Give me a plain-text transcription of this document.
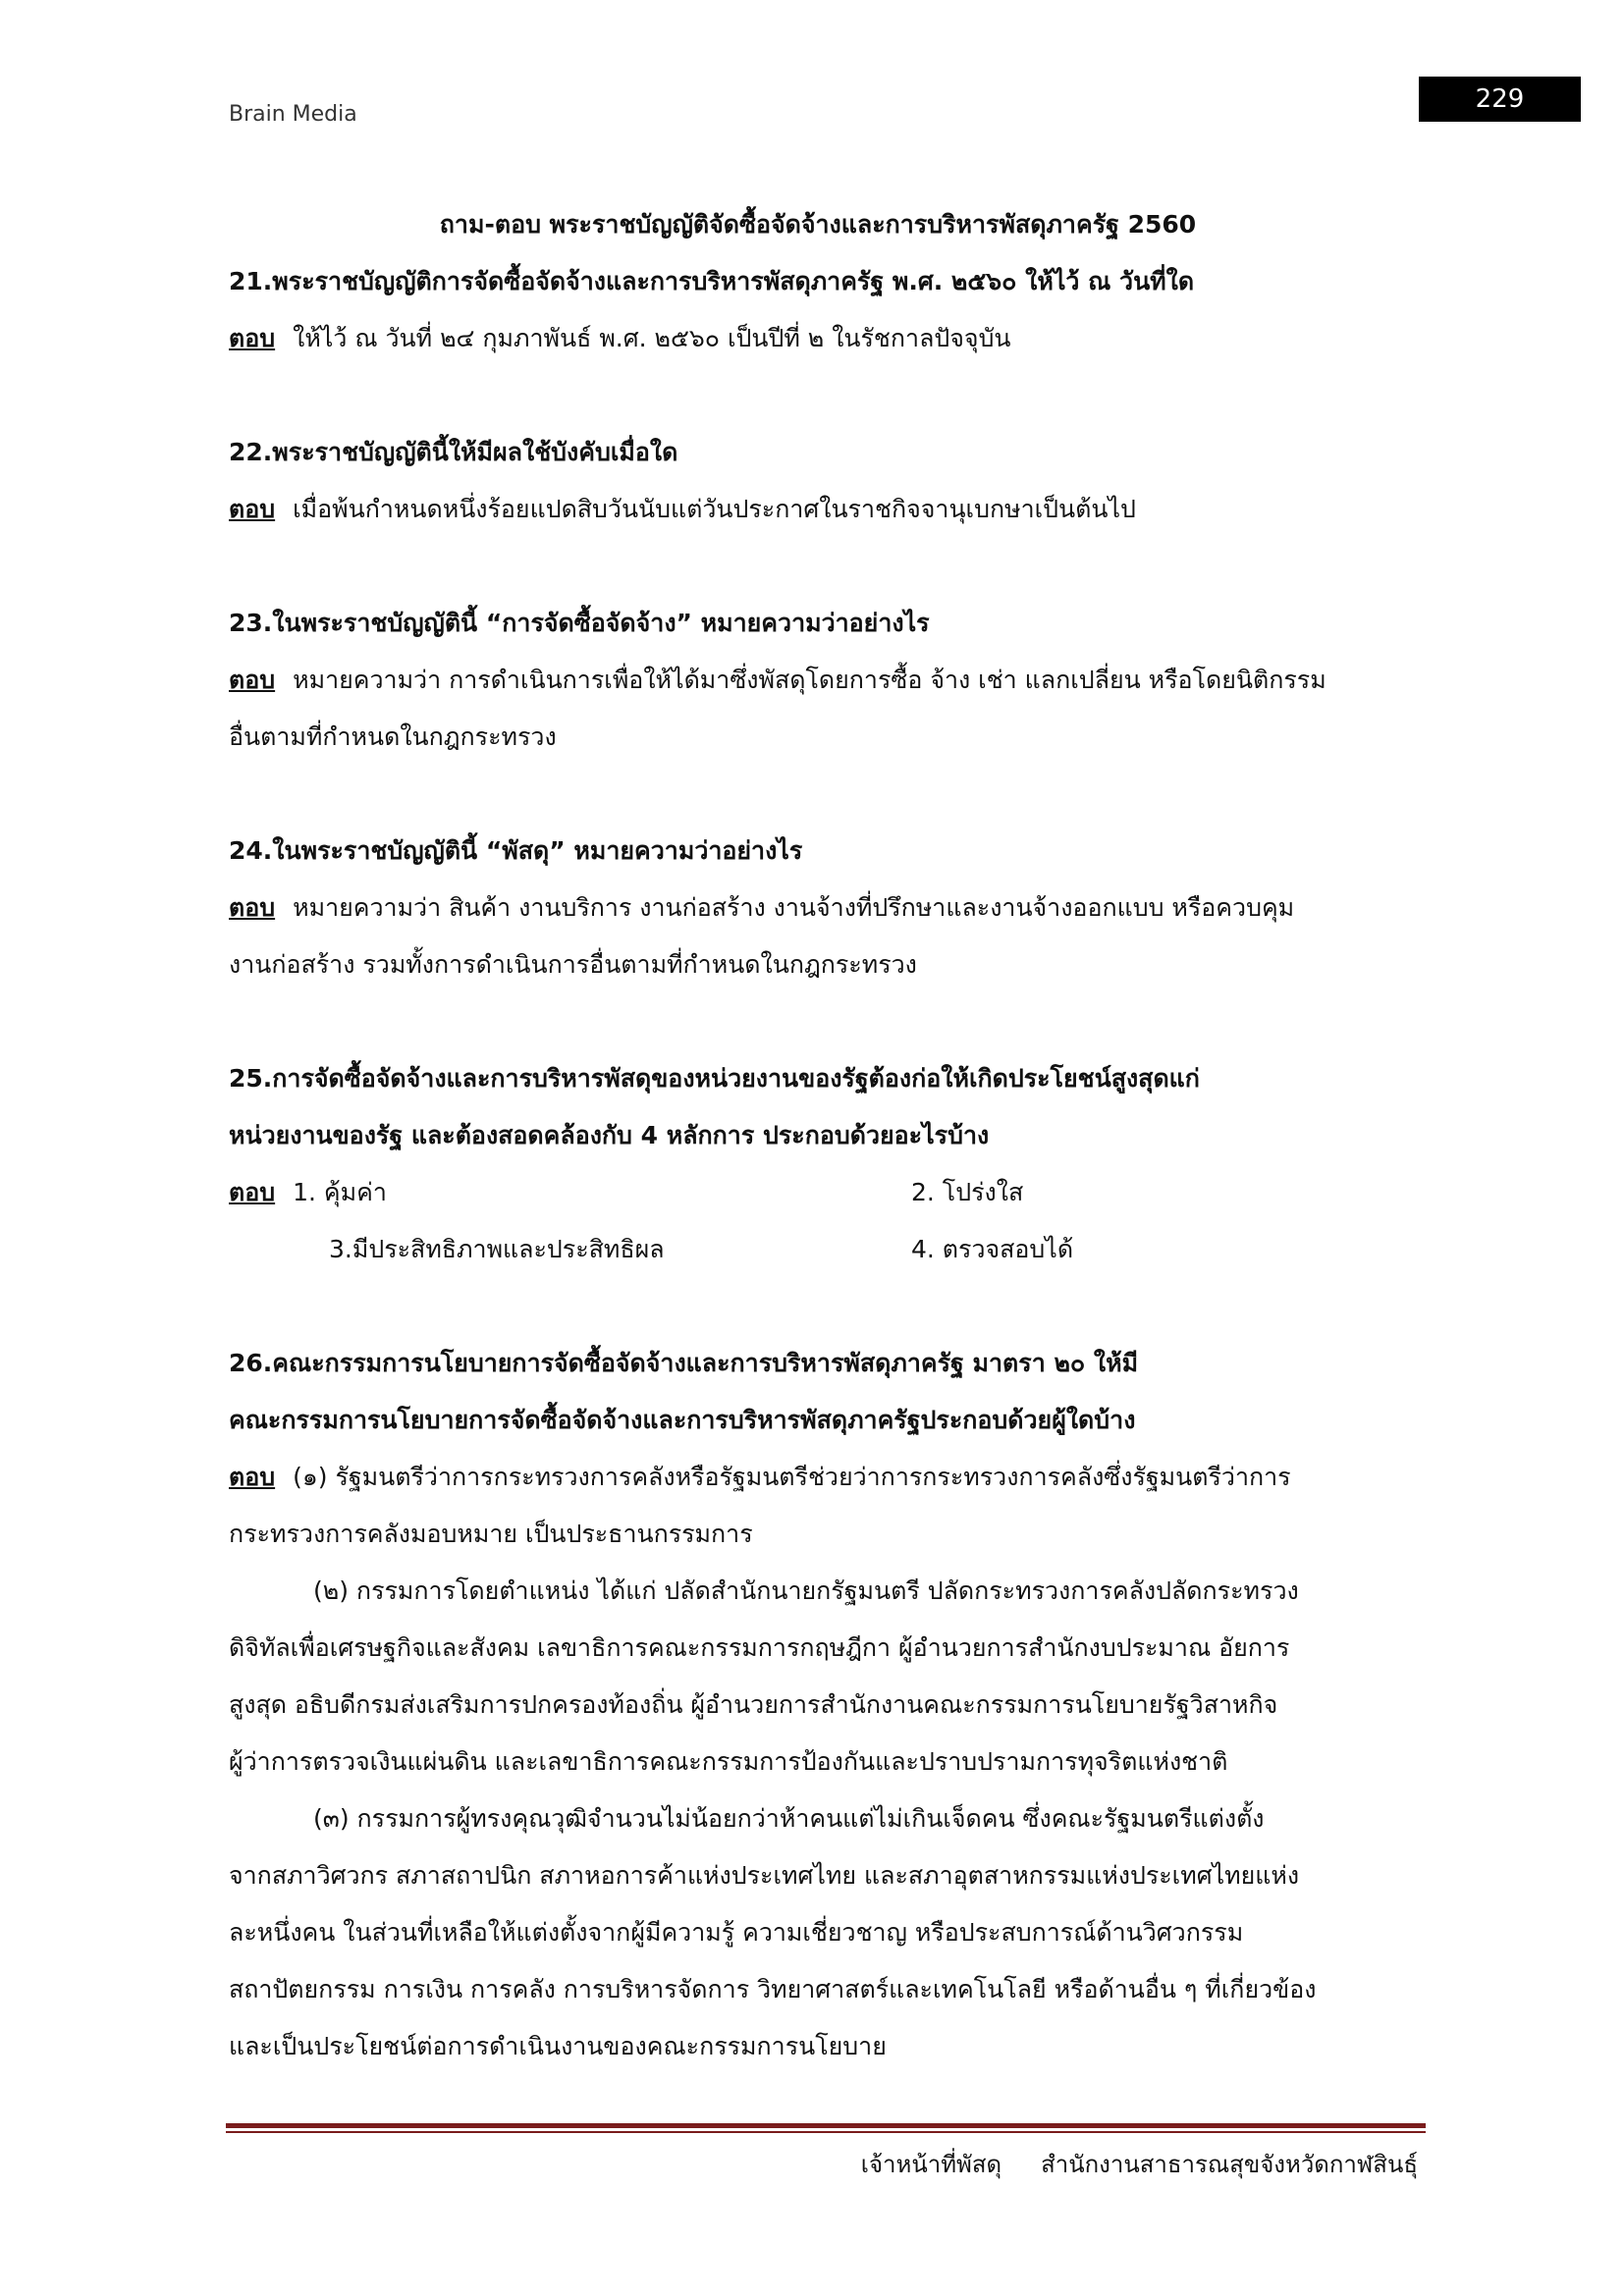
Brain Media
229
ถาม-ตอบ พระราชบัญญัติจัดซื้อจัดจ้างและการบริหารพัสดุภาครัฐ 2560
21.พระราชบัญญัติการจัดซื้อจัดจ้างและการบริหารพัสดุภาครัฐ พ.ศ. ๒๕๖๐ ให้ไว้ ณ วันที่ใด
ตอบ ให้ไว้ ณ วันที่ ๒๔ กุมภาพันธ์ พ.ศ. ๒๕๖๐ เป็นปีที่ ๒ ในรัชกาลปัจจุบัน
22.พระราชบัญญัตินี้ให้มีผลใช้บังคับเมื่อใด
ตอบ เมื่อพ้นกำหนดหนึ่งร้อยแปดสิบวันนับแต่วันประกาศในราชกิจจานุเบกษาเป็นต้นไป
23.ในพระราชบัญญัตินี้ “การจัดซื้อจัดจ้าง” หมายความว่าอย่างไร
ตอบ หมายความว่า การดำเนินการเพื่อให้ได้มาซึ่งพัสดุโดยการซื้อ จ้าง เช่า แลกเปลี่ยน หรือโดยนิติกรรม
อื่นตามที่กำหนดในกฎกระทรวง
24.ในพระราชบัญญัตินี้ “พัสดุ” หมายความว่าอย่างไร
ตอบ หมายความว่า สินค้า งานบริการ งานก่อสร้าง งานจ้างที่ปรึกษาและงานจ้างออกแบบ หรือควบคุม
งานก่อสร้าง รวมทั้งการดำเนินการอื่นตามที่กำหนดในกฎกระทรวง
25.การจัดซื้อจัดจ้างและการบริหารพัสดุของหน่วยงานของรัฐต้องก่อให้เกิดประโยชน์สูงสุดแก่
หน่วยงานของรัฐ และต้องสอดคล้องกับ 4 หลักการ ประกอบด้วยอะไรบ้าง
ตอบ 1. คุ้มค่า	2. โปร่งใส
3.มีประสิทธิภาพและประสิทธิผล	4. ตรวจสอบได้
26.คณะกรรมการนโยบายการจัดซื้อจัดจ้างและการบริหารพัสดุภาครัฐ มาตรา ๒๐ ให้มี
คณะกรรมการนโยบายการจัดซื้อจัดจ้างและการบริหารพัสดุภาครัฐประกอบด้วยผู้ใดบ้าง
ตอบ (๑) รัฐมนตรีว่าการกระทรวงการคลังหรือรัฐมนตรีช่วยว่าการกระทรวงการคลังซึ่งรัฐมนตรีว่าการ
กระทรวงการคลังมอบหมาย เป็นประธานกรรมการ
(๒) กรรมการโดยตำแหน่ง ได้แก่ ปลัดสำนักนายกรัฐมนตรี ปลัดกระทรวงการคลังปลัดกระทรวง
ดิจิทัลเพื่อเศรษฐกิจและสังคม เลขาธิการคณะกรรมการกฤษฎีกา ผู้อำนวยการสำนักงบประมาณ อัยการ
สูงสุด อธิบดีกรมส่งเสริมการปกครองท้องถิ่น ผู้อำนวยการสำนักงานคณะกรรมการนโยบายรัฐวิสาหกิจ
ผู้ว่าการตรวจเงินแผ่นดิน และเลขาธิการคณะกรรมการป้องกันและปราบปรามการทุจริตแห่งชาติ
(๓) กรรมการผู้ทรงคุณวุฒิจำนวนไม่น้อยกว่าห้าคนแต่ไม่เกินเจ็ดคน ซึ่งคณะรัฐมนตรีแต่งตั้ง
จากสภาวิศวกร สภาสถาปนิก สภาหอการค้าแห่งประเทศไทย และสภาอุตสาหกรรมแห่งประเทศไทยแห่ง
ละหนึ่งคน ในส่วนที่เหลือให้แต่งตั้งจากผู้มีความรู้ ความเชี่ยวชาญ หรือประสบการณ์ด้านวิศวกรรม
สถาปัตยกรรม การเงิน การคลัง การบริหารจัดการ วิทยาศาสตร์และเทคโนโลยี หรือด้านอื่น ๆ ที่เกี่ยวข้อง
และเป็นประโยชน์ต่อการดำเนินงานของคณะกรรมการนโยบาย
เจ้าหน้าที่พัสดุ สำนักงานสาธารณสุขจังหวัดกาฬสินธุ์
